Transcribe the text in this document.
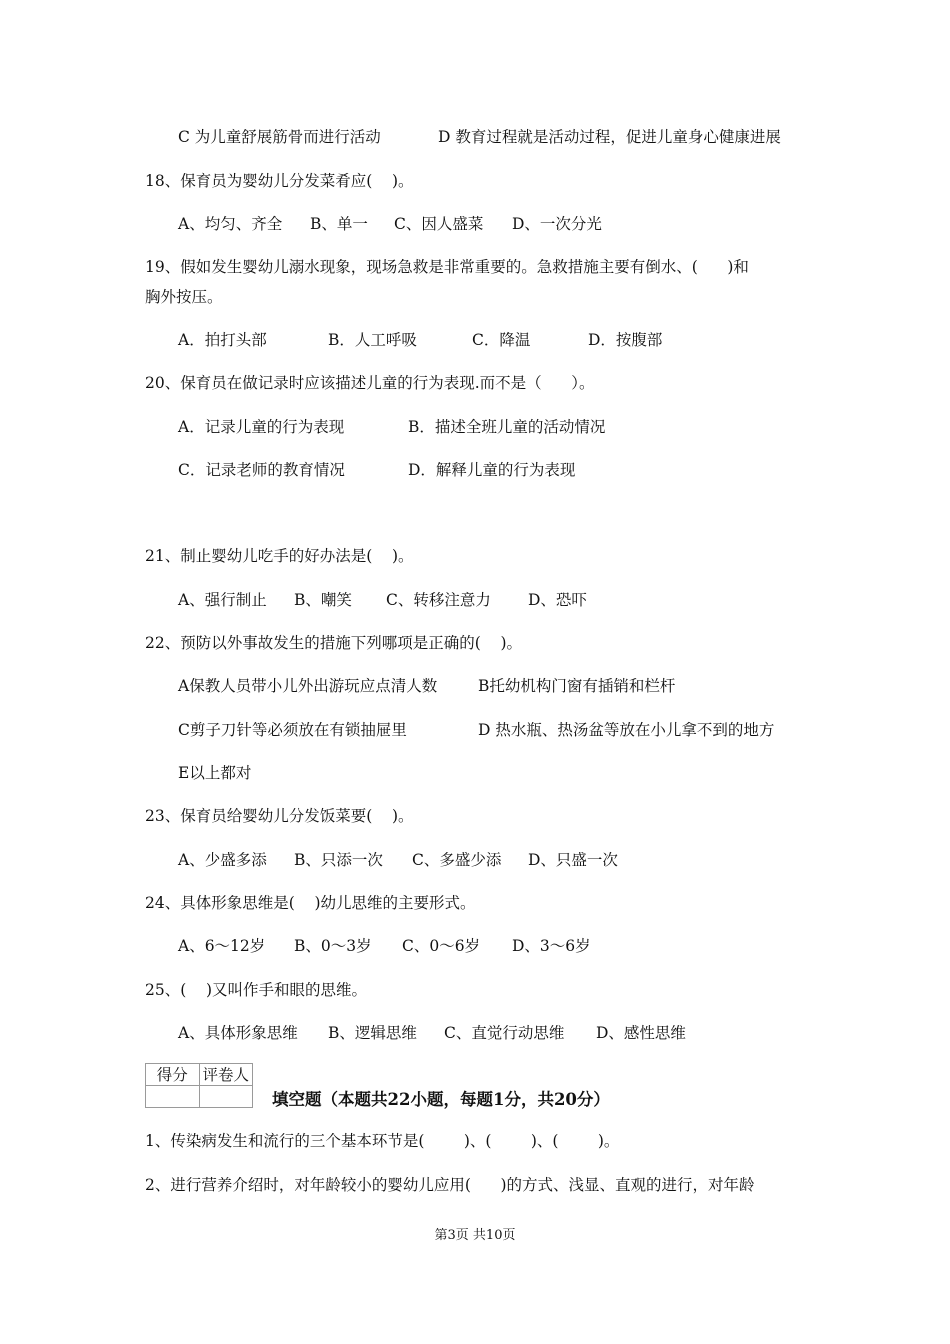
C 为儿童舒展筋骨而进行活动

	D 教育过程就是活动过程，促进儿童身心健康进展

18、保育员为婴幼儿分发菜肴应(    )。

A、均匀、齐全

B、单一

C、因人盛菜

D、一次分光

19、假如发生婴幼儿溺水现象，现场急救是非常重要的。急救措施主要有倒水、(      )和
胸外按压。

A．拍打头部

	B．人工呼吸

	C．降温

	D．按腹部

20、保育员在做记录时应该描述儿童的行为表现.而不是（      ）。

A．记录儿童的行为表现

	B．描述全班儿童的活动情况

C．记录老师的教育情况

	D．解释儿童的行为表现

21、制止婴幼儿吃手的好办法是(    )。

A、强行制止

B、嘲笑

C、转移注意力

D、恐吓

22、预防以外事故发生的措施下列哪项是正确的(    )。

A保教人员带小儿外出游玩应点清人数

	B托幼机构门窗有插销和栏杆

C剪子刀针等必须放在有锁抽屉里

	D 热水瓶、热汤盆等放在小儿拿不到的地方

E以上都对
23、保育员给婴幼儿分发饭菜要(    )。

A、少盛多添

B、只添一次

C、多盛少添

D、只盛一次

24、具体形象思维是(    )幼儿思维的主要形式。

A、6～12岁

B、0～3岁

C、0～6岁

D、3～6岁

25、(    )又叫作手和眼的思维。

A、具体形象思维

B、逻辑思维

C、直觉行动思维

D、感性思维

得分	评卷人

填空题（本题共22小题，每题1分，共20分）
1、传染病发生和流行的三个基本环节是(        )、(        )、(        )。
2、进行营养介绍时，对年龄较小的婴幼儿应用(      )的方式、浅显、直观的进行，对年龄
第3页 共10页
